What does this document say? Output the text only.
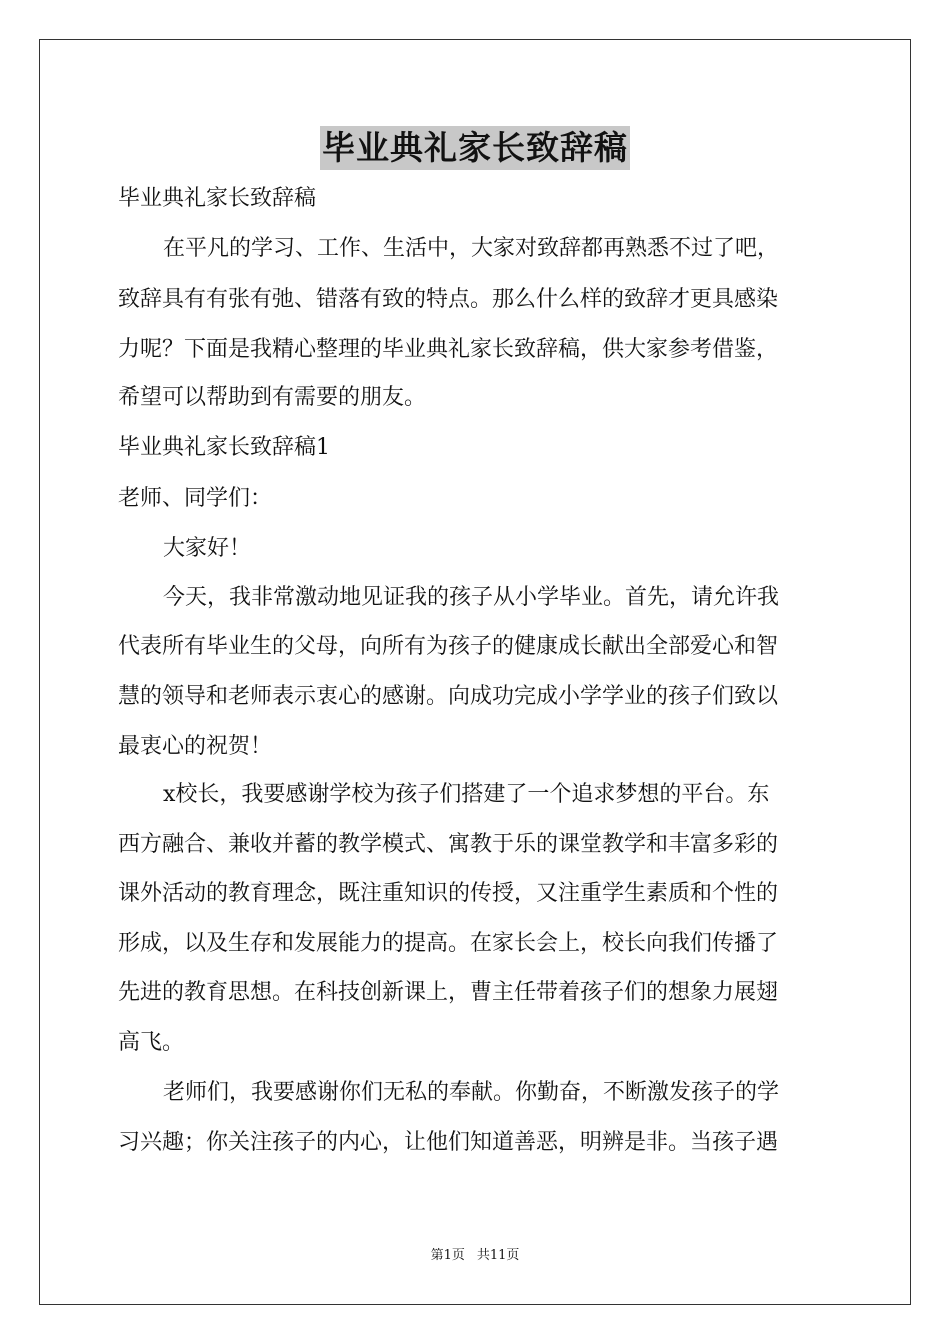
毕业典礼家长致辞稿
毕业典礼家长致辞稿
在平凡的学习、工作、生活中，大家对致辞都再熟悉不过了吧，
致辞具有有张有弛、错落有致的特点。那么什么样的致辞才更具感染
力呢？下面是我精心整理的毕业典礼家长致辞稿，供大家参考借鉴，
希望可以帮助到有需要的朋友。
毕业典礼家长致辞稿1
老师、同学们：
大家好！
今天，我非常激动地见证我的孩子从小学毕业。首先，请允许我
代表所有毕业生的父母，向所有为孩子的健康成长献出全部爱心和智
慧的领导和老师表示衷心的感谢。向成功完成小学学业的孩子们致以
最衷心的祝贺！
x校长，我要感谢学校为孩子们搭建了一个追求梦想的平台。东
西方融合、兼收并蓄的教学模式、寓教于乐的课堂教学和丰富多彩的
课外活动的教育理念，既注重知识的传授，又注重学生素质和个性的
形成，以及生存和发展能力的提高。在家长会上，校长向我们传播了
先进的教育思想。在科技创新课上，曹主任带着孩子们的想象力展翅
高飞。
老师们，我要感谢你们无私的奉献。你勤奋，不断激发孩子的学
习兴趣；你关注孩子的内心，让他们知道善恶，明辨是非。当孩子遇
第1页 共11页
